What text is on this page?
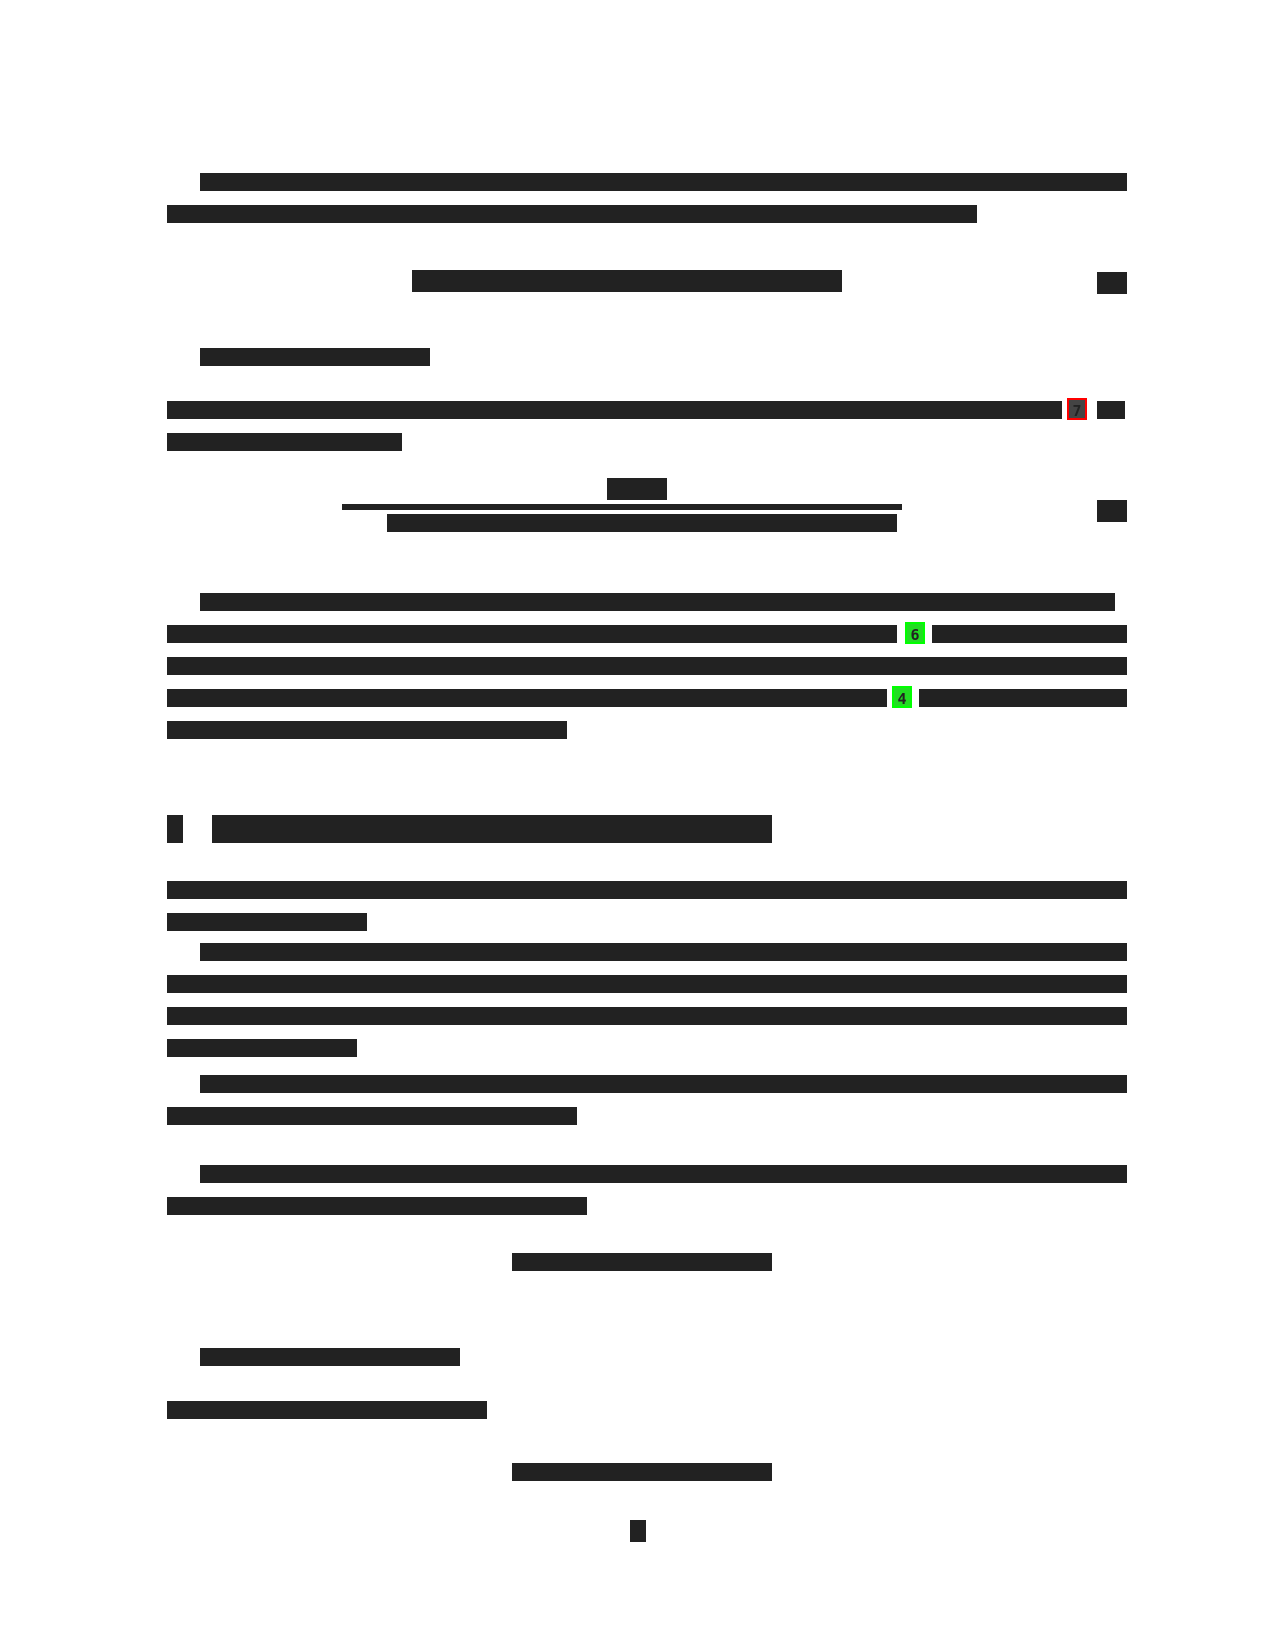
7
6
4
